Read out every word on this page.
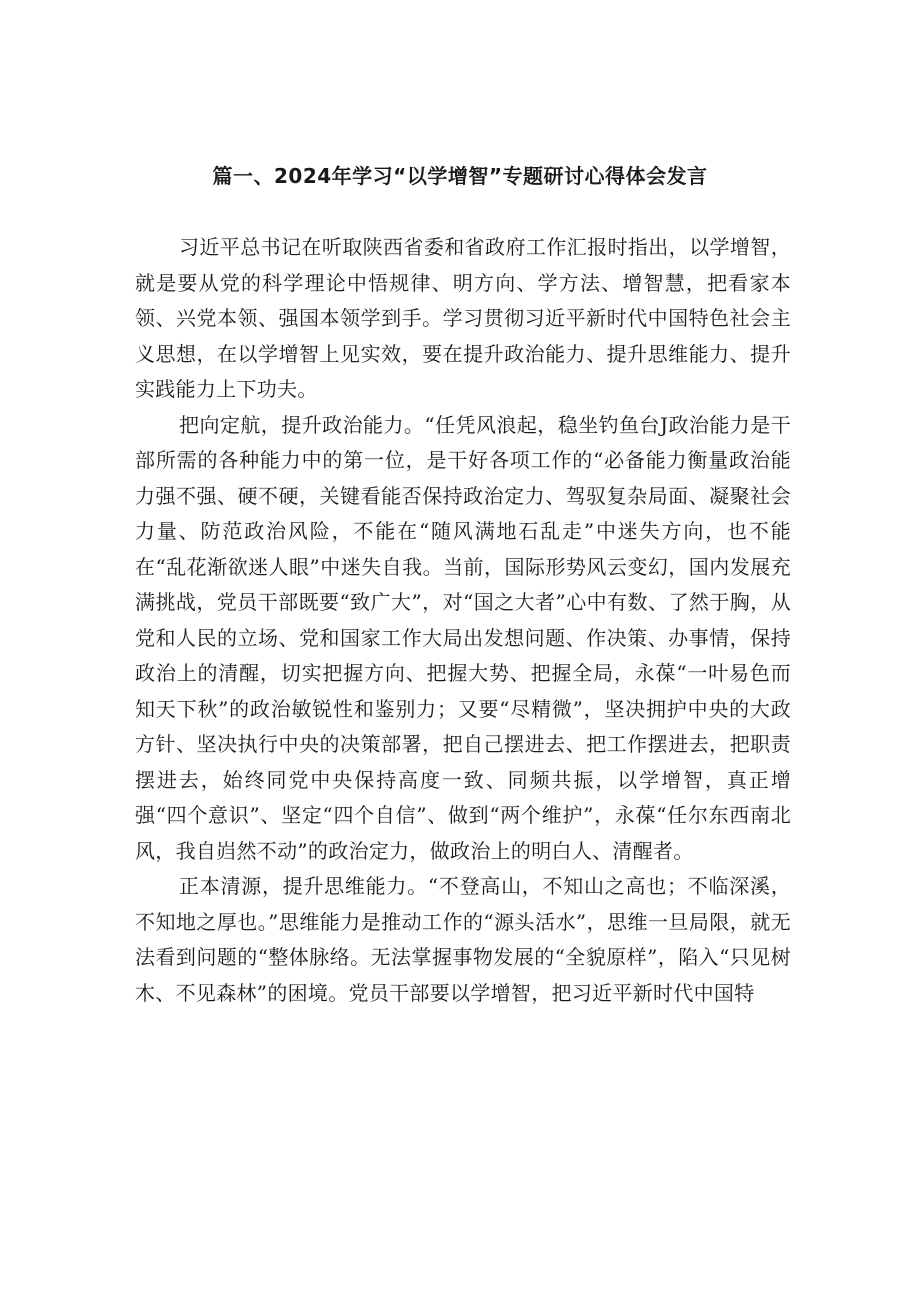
篇一、2024年学习“以学增智”专题研讨心得体会发言

习近平总书记在听取陕西省委和省政府工作汇报时指出，以学增智，就是要从党的科学理论中悟规律、明方向、学方法、增智慧，把看家本领、兴党本领、强国本领学到手。学习贯彻习近平新时代中国特色社会主义思想，在以学增智上见实效，要在提升政治能力、提升思维能力、提升实践能力上下功夫。

把向定航，提升政治能力。“任凭风浪起，稳坐钓鱼台J政治能力是干部所需的各种能力中的第一位，是干好各项工作的“必备能力衡量政治能力强不强、硬不硬，关键看能否保持政治定力、驾驭复杂局面、凝聚社会力量、防范政治风险，不能在“随风满地石乱走”中迷失方向，也不能在“乱花渐欲迷人眼”中迷失自我。当前，国际形势风云变幻，国内发展充满挑战，党员干部既要“致广大”，对“国之大者”心中有数、了然于胸，从党和人民的立场、党和国家工作大局出发想问题、作决策、办事情，保持政治上的清醒，切实把握方向、把握大势、把握全局，永葆“一叶易色而知天下秋”的政治敏锐性和鉴别力；又要“尽精微”，坚决拥护中央的大政方针、坚决执行中央的决策部署，把自己摆进去、把工作摆进去，把职责摆进去，始终同党中央保持高度一致、同频共振，以学增智，真正增强“四个意识”、坚定“四个自信”、做到“两个维护”，永葆“任尔东西南北风，我自岿然不动”的政治定力，做政治上的明白人、清醒者。

正本清源，提升思维能力。“不登高山，不知山之高也；不临深溪，不知地之厚也。”思维能力是推动工作的“源头活水”，思维一旦局限，就无法看到问题的“整体脉络。无法掌握事物发展的“全貌原样”，陷入“只见树木、不见森林”的困境。党员干部要以学增智，把习近平新时代中国特
